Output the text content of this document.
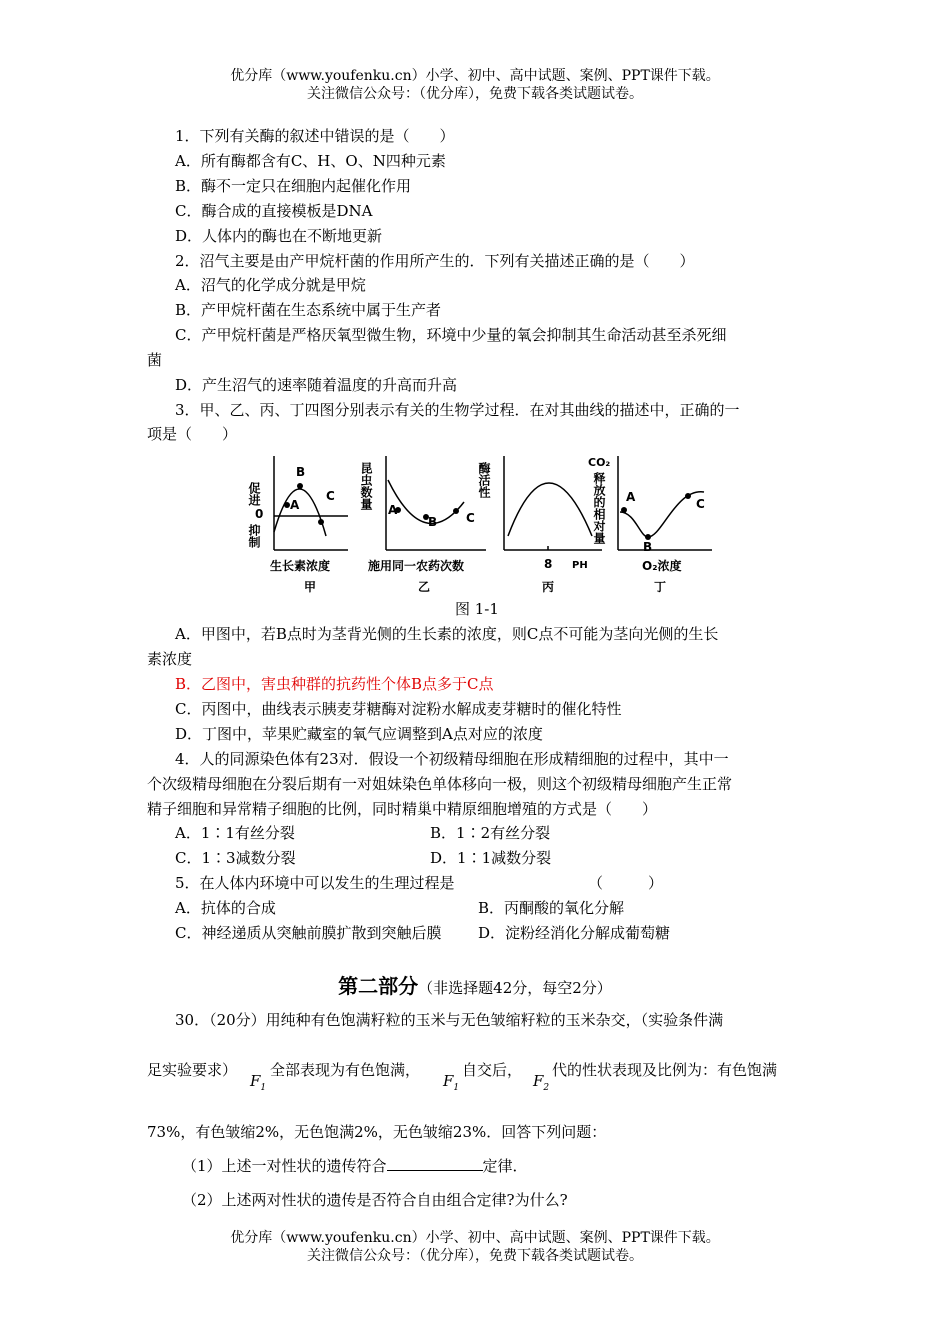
优分库（www.youfenku.cn）小学、初中、高中试题、案例、PPT课件下载。
关注微信公众号：（优分库），免费下载各类试题试卷。
1．下列有关酶的叙述中错误的是（　　）
A．所有酶都含有C、H、O、N四种元素
B．酶不一定只在细胞内起催化作用
C．酶合成的直接模板是DNA
D．人体内的酶也在不断地更新
2．沼气主要是由产甲烷杆菌的作用所产生的．下列有关描述正确的是（　　）
A．沼气的化学成分就是甲烷
B．产甲烷杆菌在生态系统中属于生产者
C．产甲烷杆菌是严格厌氧型微生物，环境中少量的氧会抑制其生命活动甚至杀死细
菌
D．产生沼气的速率随着温度的升高而升高
3．甲、乙、丙、丁四图分别表示有关的生物学过程．在对其曲线的描述中，正确的一
项是（　　）
促进
0
抑制
A
B
C
生长素浓度
甲
昆虫数量 A
B C
施用同一农药次数
乙
酶活性
8 PH
丙
CO₂
释放的相对量 A
B
C
O₂浓度
丁
图 1-1
A．甲图中，若B点时为茎背光侧的生长素的浓度，则C点不可能为茎向光侧的生长
素浓度
B．乙图中，害虫种群的抗药性个体B点多于C点
C．丙图中，曲线表示胰麦芽糖酶对淀粉水解成麦芽糖时的催化特性
D．丁图中，苹果贮藏室的氧气应调整到A点对应的浓度
4．人的同源染色体有23对．假设一个初级精母细胞在形成精细胞的过程中，其中一
个次级精母细胞在分裂后期有一对姐妹染色单体移向一极，则这个初级精母细胞产生正常
精子细胞和异常精子细胞的比例，同时精巢中精原细胞增殖的方式是（　　）
A．1∶1有丝分裂	B．1∶2有丝分裂
C．1∶3减数分裂	D．1∶1减数分裂
5．在人体内环境中可以发生的生理过程是	（　　　）
A．抗体的合成	B．丙酮酸的氧化分解
C．神经递质从突触前膜扩散到突触后膜 D．淀粉经消化分解成葡萄糖
第二部分（非选择题42分，每空2分）
30．（20分）用纯种有色饱满籽粒的玉米与无色皱缩籽粒的玉米杂交，（实验条件满
足实验要求）
$F_1$
全部表现为有色饱满，
$F_1$
自交后，
$F_2$
代的性状表现及比例为：有色饱满
73%，有色皱缩2%，无色饱满2%，无色皱缩23%．回答下列问题：
（1）上述一对性状的遗传符合	定律．
（2）上述两对性状的遗传是否符合自由组合定律?为什么?
优分库（www.youfenku.cn）小学、初中、高中试题、案例、PPT课件下载。
关注微信公众号：（优分库），免费下载各类试题试卷。
